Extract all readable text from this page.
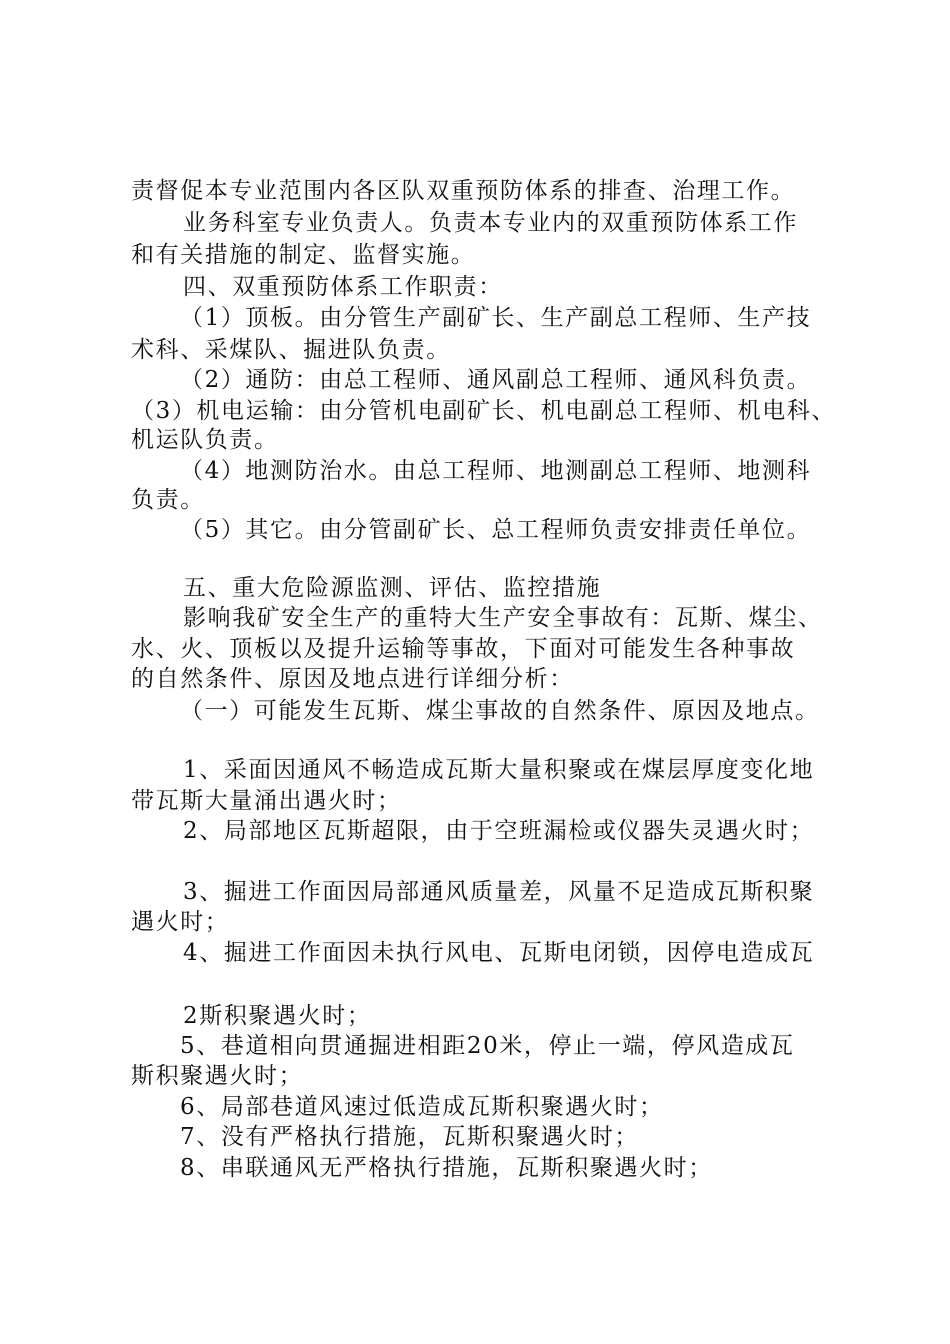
责督促本专业范围内各区队双重预防体系的排查、治理工作。
业务科室专业负责人。负责本专业内的双重预防体系工作
和有关措施的制定、监督实施。
四、双重预防体系工作职责：
（1）顶板。由分管生产副矿长、生产副总工程师、生产技
术科、采煤队、掘进队负责。
（2）通防：由总工程师、通风副总工程师、通风科负责。
（3）机电运输：由分管机电副矿长、机电副总工程师、机电科、
机运队负责。
（4）地测防治水。由总工程师、地测副总工程师、地测科
负责。
（5）其它。由分管副矿长、总工程师负责安排责任单位。
五、重大危险源监测、评估、监控措施
影响我矿安全生产的重特大生产安全事故有：瓦斯、煤尘、
水、火、顶板以及提升运输等事故，下面对可能发生各种事故
的自然条件、原因及地点进行详细分析：
（一）可能发生瓦斯、煤尘事故的自然条件、原因及地点。
1、采面因通风不畅造成瓦斯大量积聚或在煤层厚度变化地
带瓦斯大量涌出遇火时；
2、局部地区瓦斯超限，由于空班漏检或仪器失灵遇火时；
3、掘进工作面因局部通风质量差，风量不足造成瓦斯积聚
遇火时；
4、掘进工作面因未执行风电、瓦斯电闭锁，因停电造成瓦
2斯积聚遇火时；
5、巷道相向贯通掘进相距20米，停止一端，停风造成瓦
斯积聚遇火时；
6、局部巷道风速过低造成瓦斯积聚遇火时；
7、没有严格执行措施，瓦斯积聚遇火时；
8、串联通风无严格执行措施，瓦斯积聚遇火时；
